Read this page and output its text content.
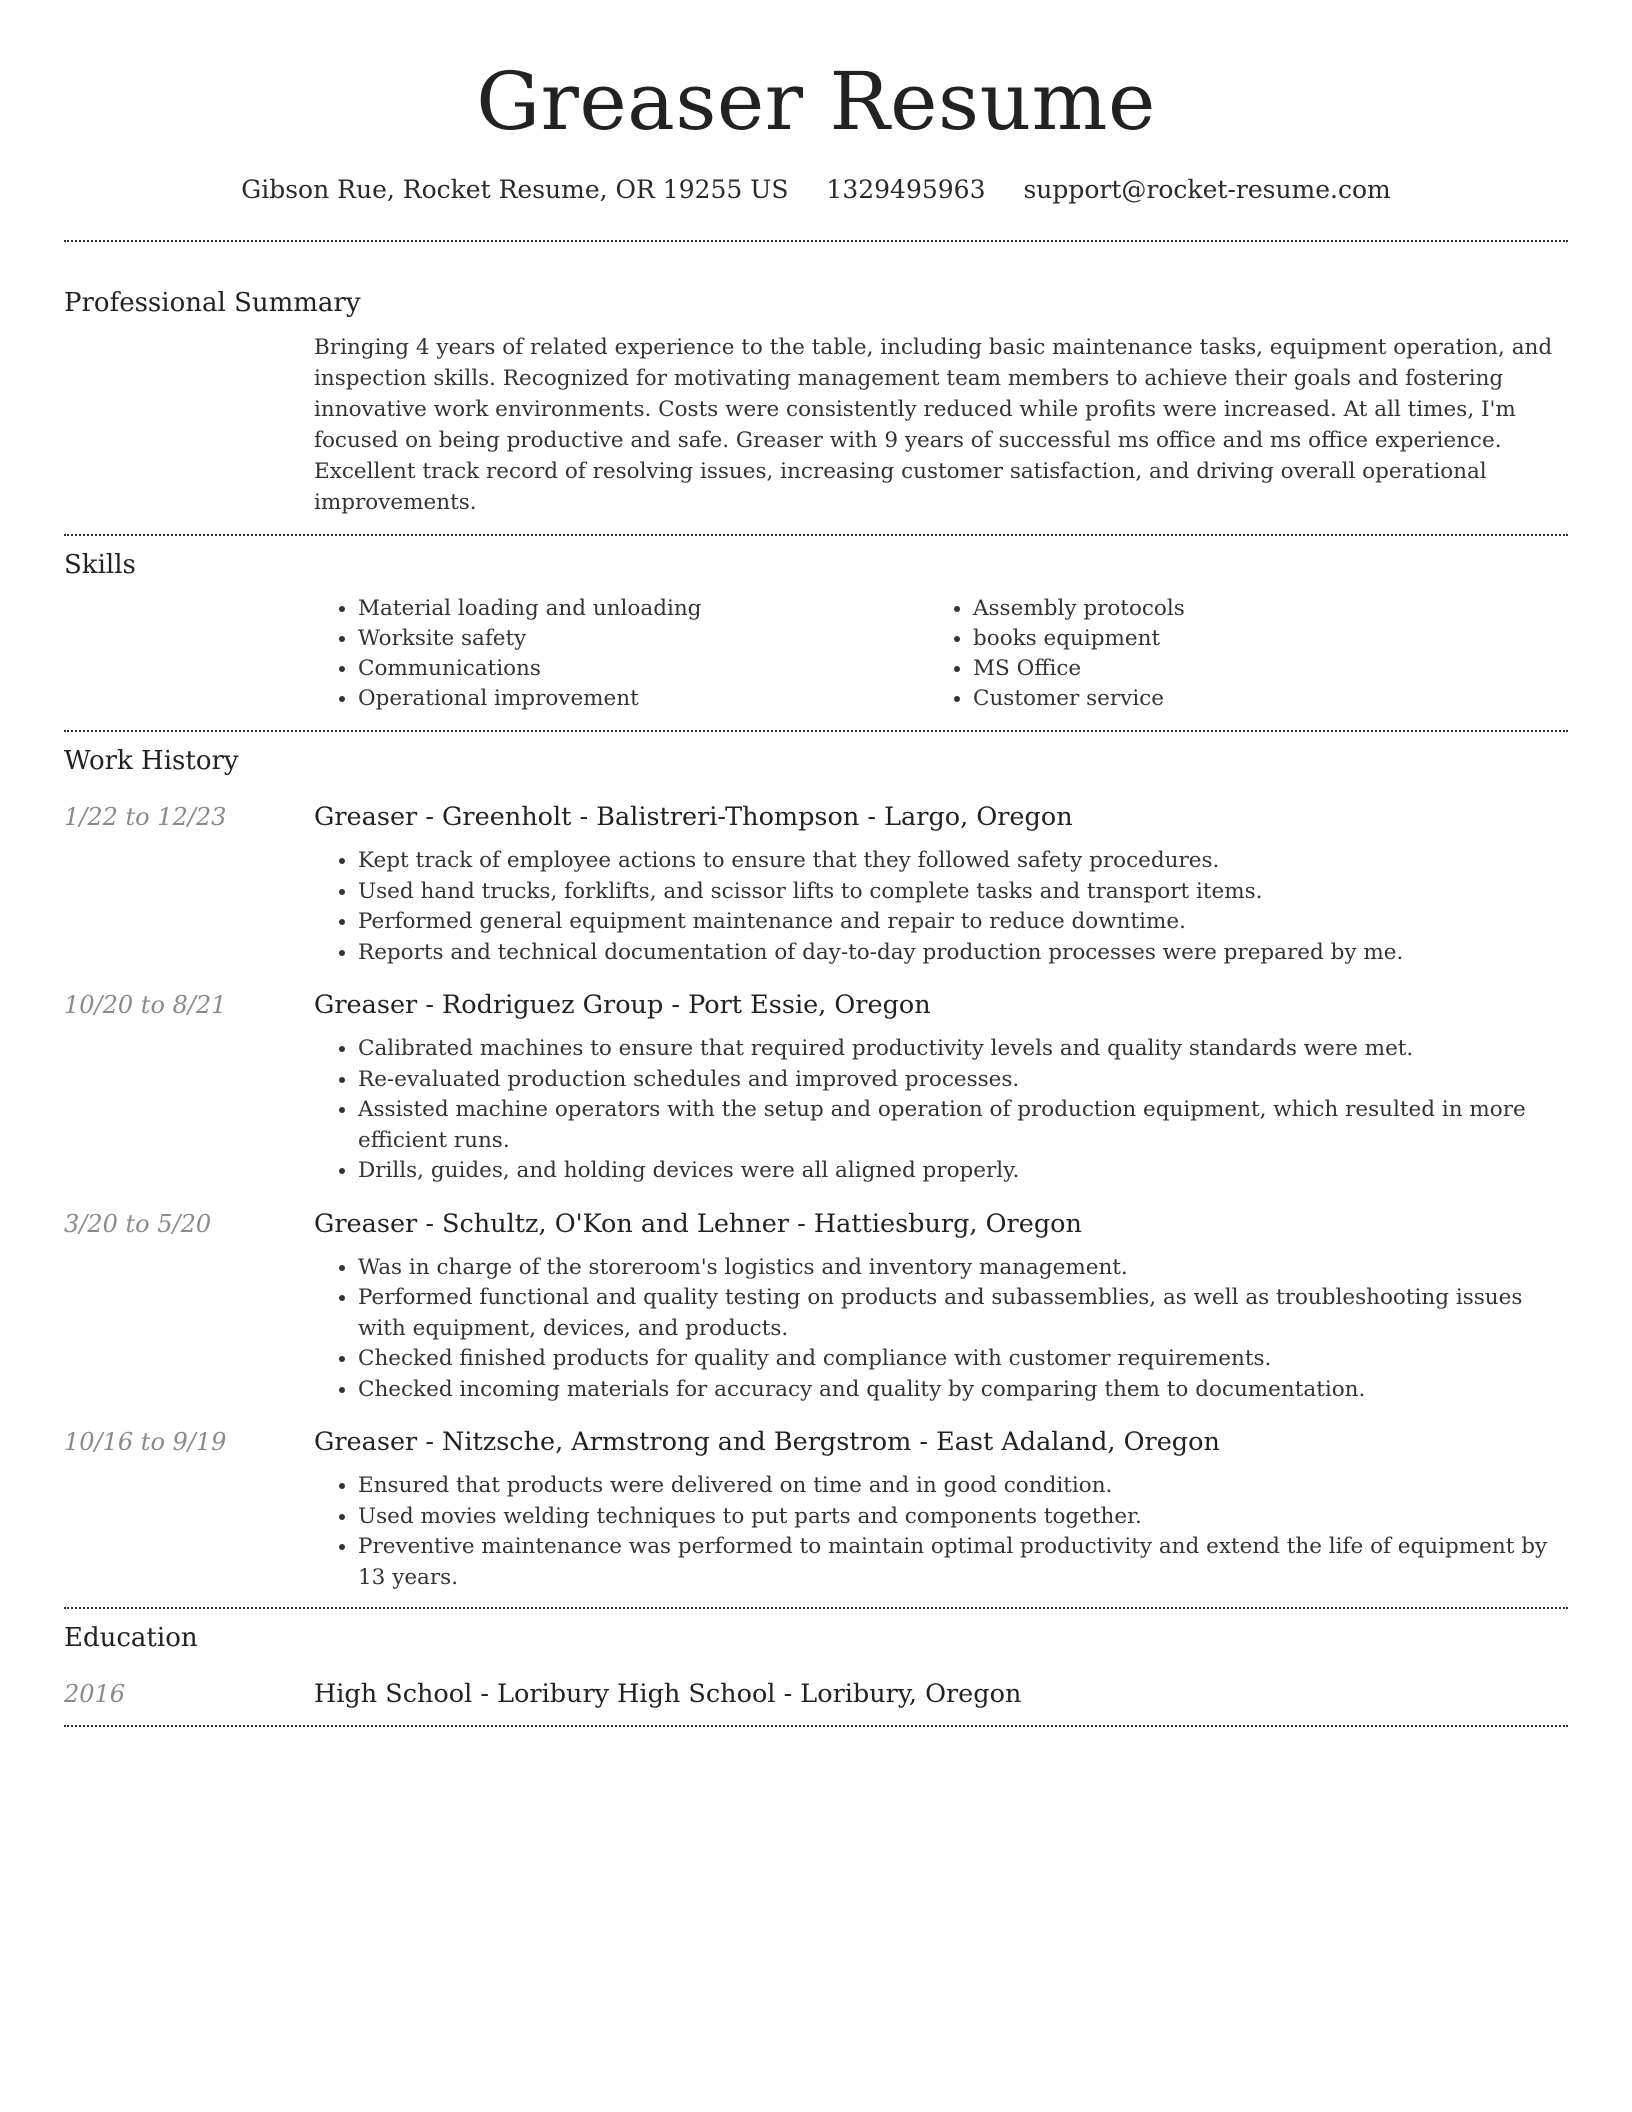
Greaser Resume
Gibson Rue, Rocket Resume, OR 19255 US 1329495963 support@rocket-resume.com
Professional Summary
Bringing 4 years of related experience to the table, including basic maintenance tasks, equipment operation, and inspection skills. Recognized for motivating management team members to achieve their goals and fostering innovative work environments. Costs were consistently reduced while profits were increased. At all times, I'm focused on being productive and safe. Greaser with 9 years of successful ms office and ms office experience. Excellent track record of resolving issues, increasing customer satisfaction, and driving overall operational improvements.
Skills
• Material loading and unloading
• Worksite safety
• Communications
• Operational improvement
• Assembly protocols
• books equipment
• MS Office
• Customer service
Work History
1/22 to 12/23	Greaser - Greenholt - Balistreri-Thompson - Largo, Oregon
• Kept track of employee actions to ensure that they followed safety procedures.
• Used hand trucks, forklifts, and scissor lifts to complete tasks and transport items.
• Performed general equipment maintenance and repair to reduce downtime.
• Reports and technical documentation of day-to-day production processes were prepared by me.
10/20 to 8/21	Greaser - Rodriguez Group - Port Essie, Oregon
• Calibrated machines to ensure that required productivity levels and quality standards were met.
• Re-evaluated production schedules and improved processes.
• Assisted machine operators with the setup and operation of production equipment, which resulted in more efficient runs.
• Drills, guides, and holding devices were all aligned properly.
3/20 to 5/20	Greaser - Schultz, O'Kon and Lehner - Hattiesburg, Oregon
• Was in charge of the storeroom's logistics and inventory management.
• Performed functional and quality testing on products and subassemblies, as well as troubleshooting issues with equipment, devices, and products.
• Checked finished products for quality and compliance with customer requirements.
• Checked incoming materials for accuracy and quality by comparing them to documentation.
10/16 to 9/19	Greaser - Nitzsche, Armstrong and Bergstrom - East Adaland, Oregon
• Ensured that products were delivered on time and in good condition.
• Used movies welding techniques to put parts and components together.
• Preventive maintenance was performed to maintain optimal productivity and extend the life of equipment by 13 years.
Education
2016	High School - Loribury High School - Loribury, Oregon
